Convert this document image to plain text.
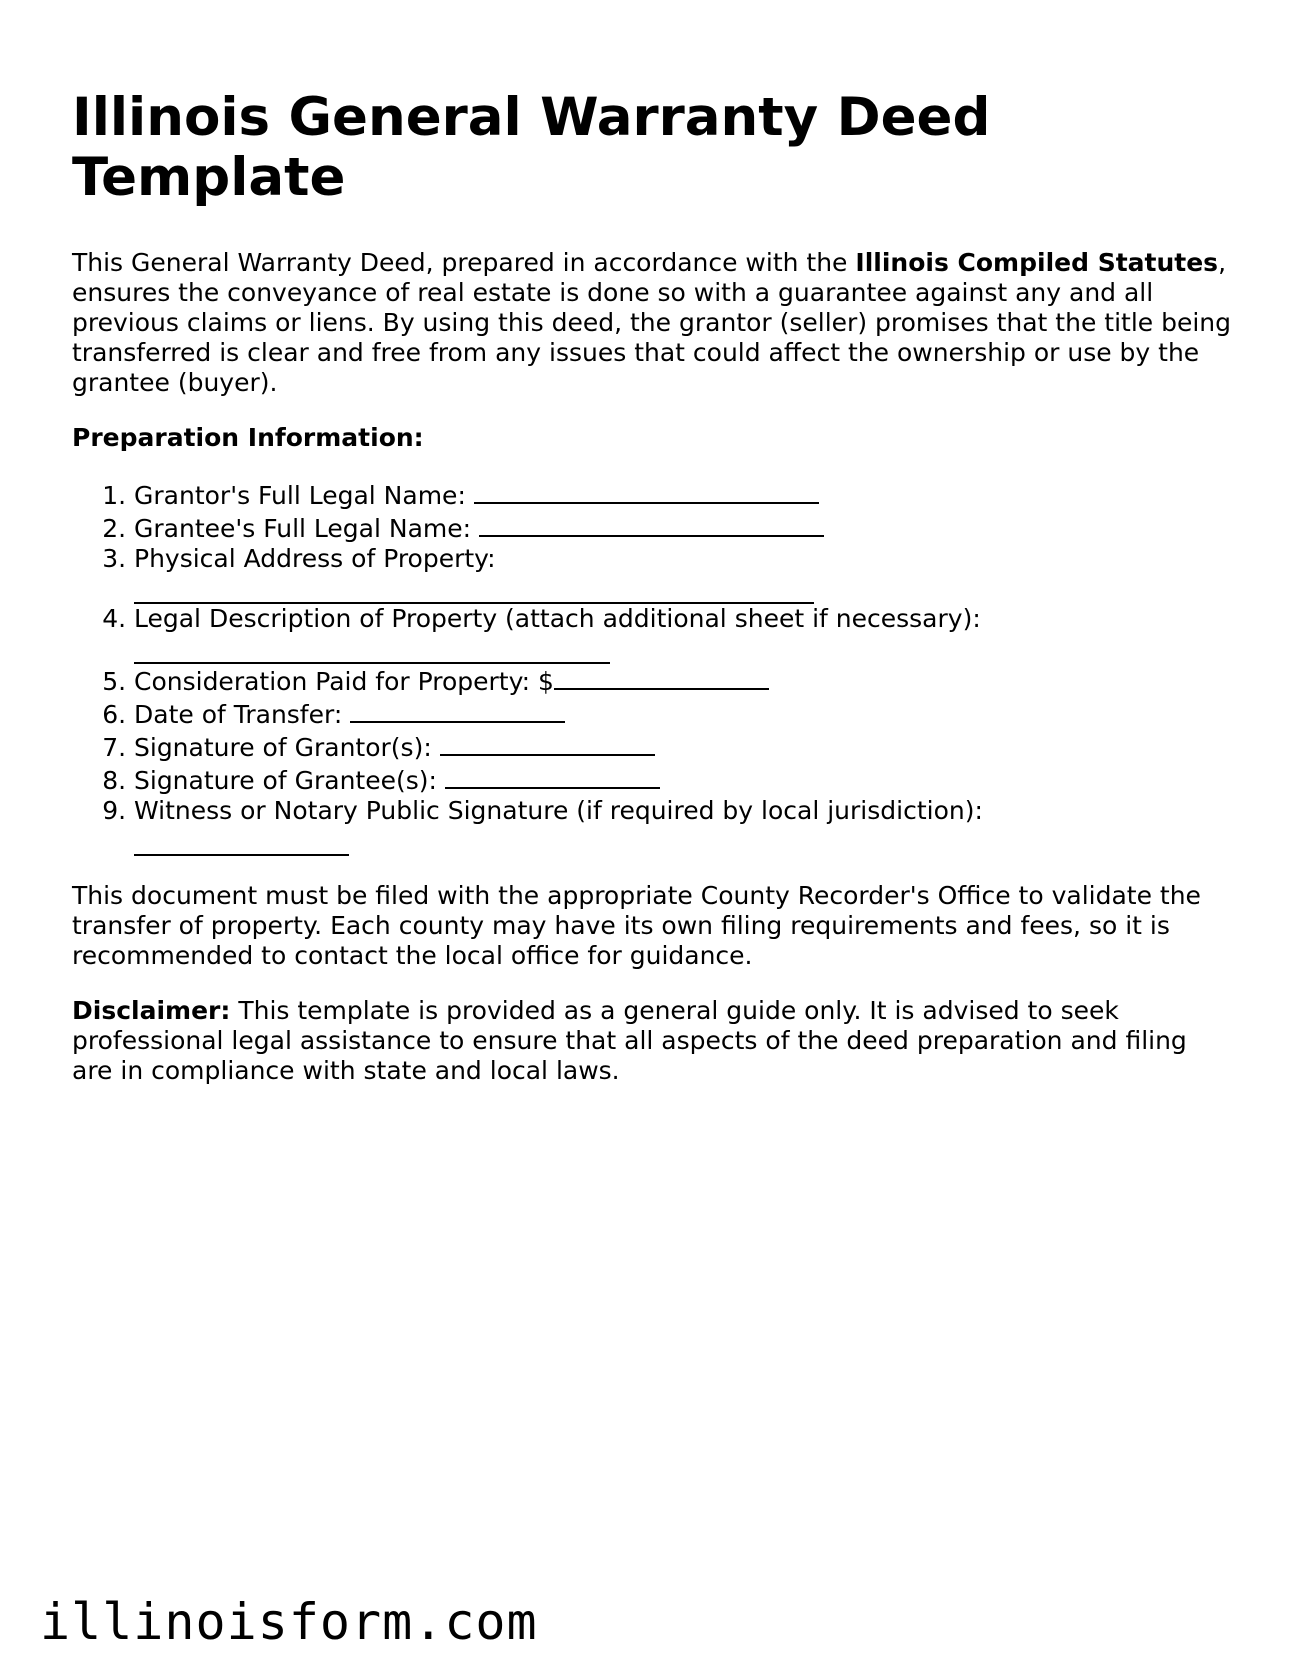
Illinois General Warranty Deed Template

This General Warranty Deed, prepared in accordance with the Illinois Compiled Statutes, ensures the conveyance of real estate is done so with a guarantee against any and all previous claims or liens. By using this deed, the grantor (seller) promises that the title being transferred is clear and free from any issues that could affect the ownership or use by the grantee (buyer).

Preparation Information:

1. Grantor's Full Legal Name:
2. Grantee's Full Legal Name:
3. Physical Address of Property:
4. Legal Description of Property (attach additional sheet if necessary):
5. Consideration Paid for Property: $
6. Date of Transfer:
7. Signature of Grantor(s):
8. Signature of Grantee(s):
9. Witness or Notary Public Signature (if required by local jurisdiction):

This document must be filed with the appropriate County Recorder's Office to validate the transfer of property. Each county may have its own filing requirements and fees, so it is recommended to contact the local office for guidance.

Disclaimer: This template is provided as a general guide only. It is advised to seek professional legal assistance to ensure that all aspects of the deed preparation and filing are in compliance with state and local laws.

illinoisform.com
